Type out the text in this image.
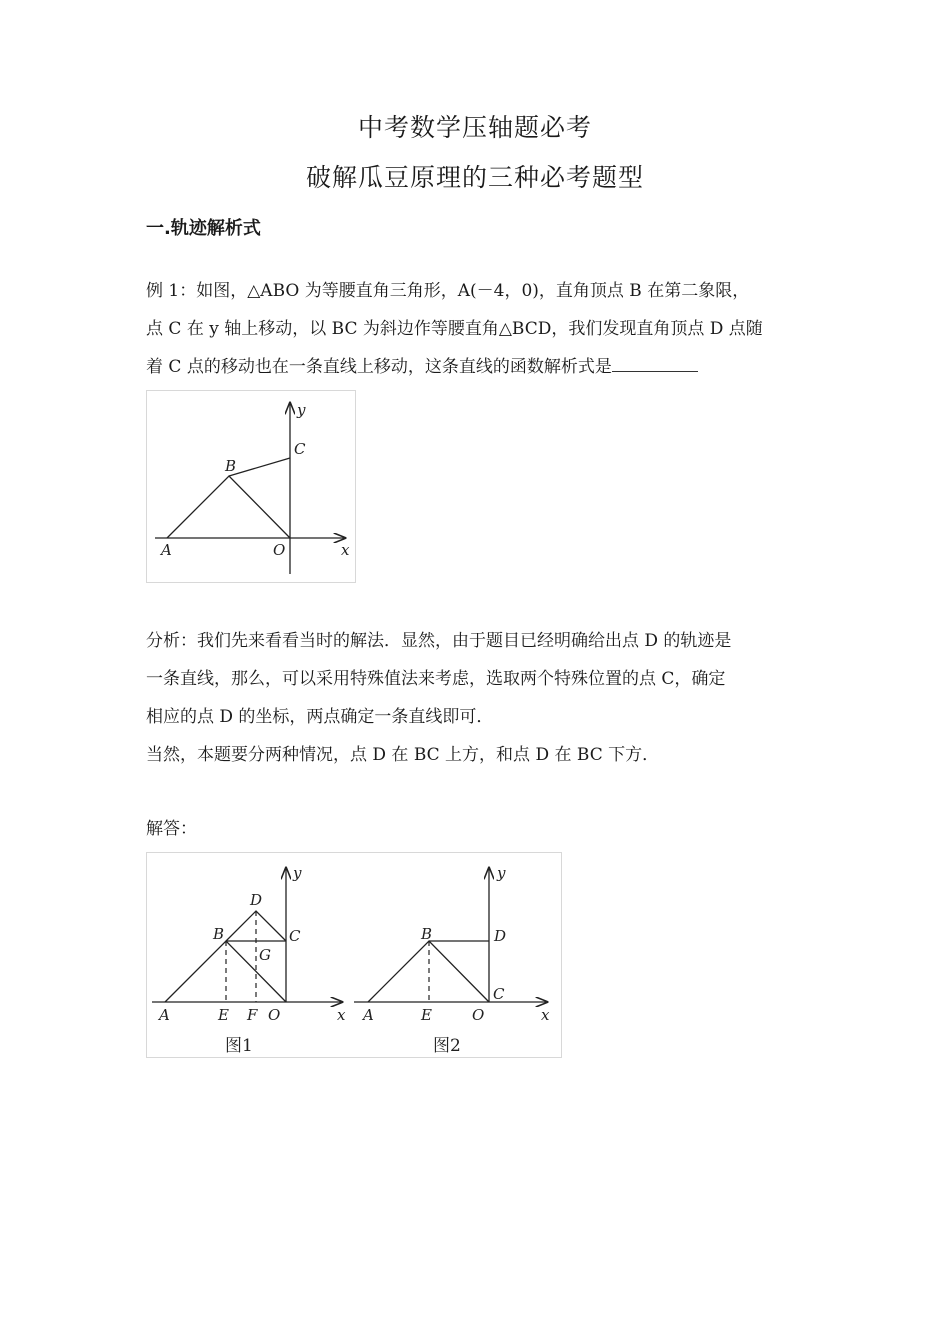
中考数学压轴题必考
破解瓜豆原理的三种必考题型
一.轨迹解析式
例 1：如图，△ABO 为等腰直角三角形，A(－4，0)，直角顶点 B 在第二象限，
点 C 在 y 轴上移动，以 BC 为斜边作等腰直角△BCD，我们发现直角顶点 D 点随
着 C 点的移动也在一条直线上移动，这条直线的函数解析式是
y
C
B
A	O	x
分析：我们先来看看当时的解法．显然，由于题目已经明确给出点 D 的轨迹是
一条直线，那么，可以采用特殊值法来考虑，选取两个特殊位置的点 C，确定
相应的点 D 的坐标，两点确定一条直线即可．
当然，本题要分两种情况，点 D 在 BC 上方，和点 D 在 BC 下方．
解答：
y
D
B	C
G
A	E F O	x
图1
y
B	D
C
A	E	O	x
图2
